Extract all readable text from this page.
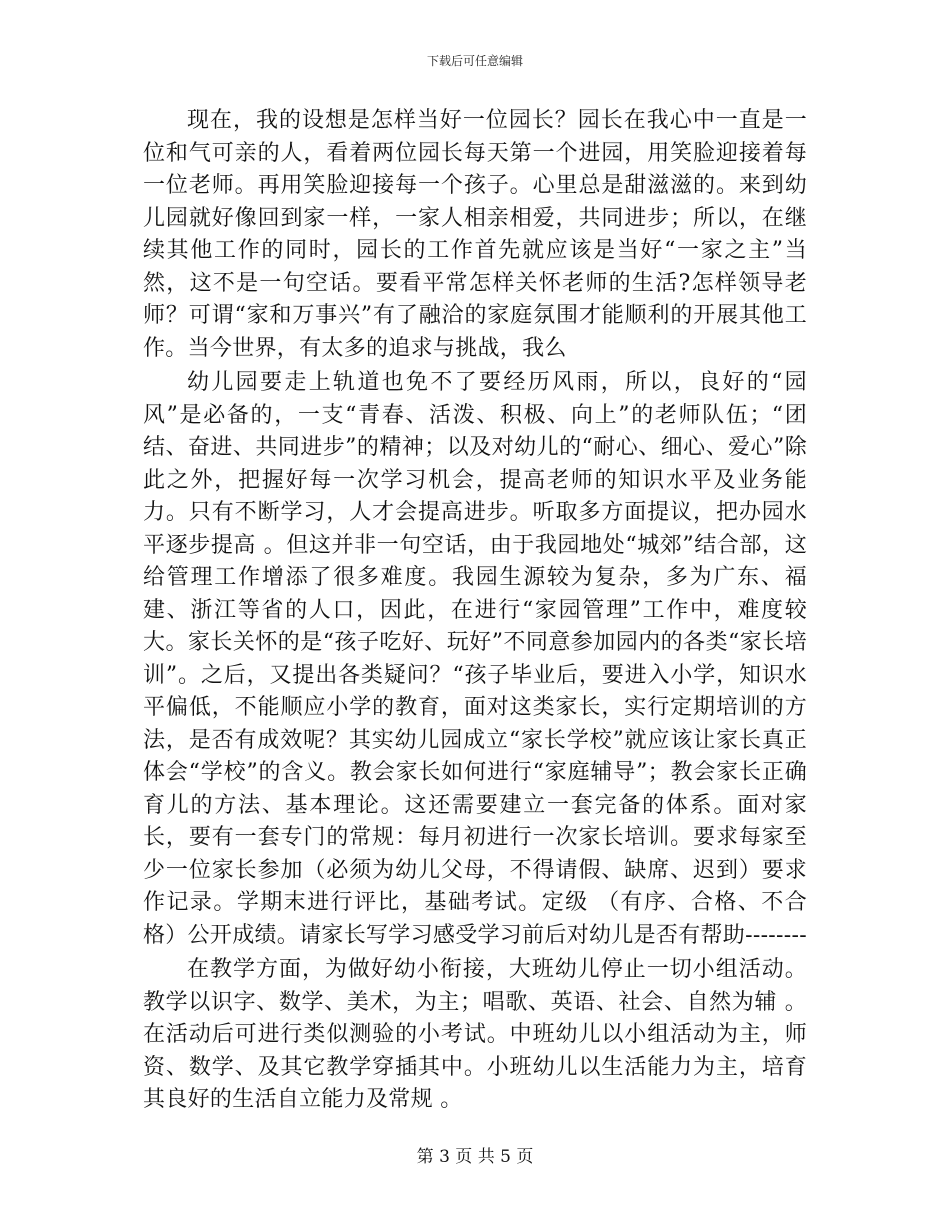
下载后可任意编辑

现在，我的设想是怎样当好一位园长？园长在我心中一直是一位和气可亲的人，看着两位园长每天第一个进园，用笑脸迎接着每一位老师。再用笑脸迎接每一个孩子。心里总是甜滋滋的。来到幼儿园就好像回到家一样，一家人相亲相爱，共同进步；所以，在继续其他工作的同时，园长的工作首先就应该是当好“一家之主”当然，这不是一句空话。要看平常怎样关怀老师的生活?怎样领导老师？可谓“家和万事兴”有了融洽的家庭氛围才能顺利的开展其他工作。当今世界，有太多的追求与挑战，我么

幼儿园要走上轨道也免不了要经历风雨，所以，良好的“园风”是必备的，一支“青春、活泼、积极、向上”的老师队伍；“团结、奋进、共同进步”的精神；以及对幼儿的“耐心、细心、爱心”除此之外，把握好每一次学习机会，提高老师的知识水平及业务能力。只有不断学习，人才会提高进步。听取多方面提议，把办园水平逐步提高 。但这并非一句空话，由于我园地处“城郊”结合部，这给管理工作增添了很多难度。我园生源较为复杂，多为广东、福建、浙江等省的人口，因此，在进行“家园管理”工作中，难度较大。家长关怀的是“孩子吃好、玩好”不同意参加园内的各类“家长培训”。之后，又提出各类疑问？“孩子毕业后，要进入小学，知识水平偏低，不能顺应小学的教育，面对这类家长，实行定期培训的方法，是否有成效呢？其实幼儿园成立“家长学校”就应该让家长真正体会“学校”的含义。教会家长如何进行“家庭辅导”；教会家长正确育儿的方法、基本理论。这还需要建立一套完备的体系。面对家长，要有一套专门的常规：每月初进行一次家长培训。要求每家至少一位家长参加（必须为幼儿父母，不得请假、缺席、迟到）要求作记录。学期末进行评比，基础考试。定级 （有序、合格、不合格）公开成绩。请家长写学习感受学习前后对幼儿是否有帮助--------

在教学方面，为做好幼小衔接，大班幼儿停止一切小组活动。教学以识字、数学、美术，为主；唱歌、英语、社会、自然为辅 。在活动后可进行类似测验的小考试。中班幼儿以小组活动为主，师资、数学、及其它教学穿插其中。小班幼儿以生活能力为主，培育其良好的生活自立能力及常规 。

第 3 页 共 5 页
